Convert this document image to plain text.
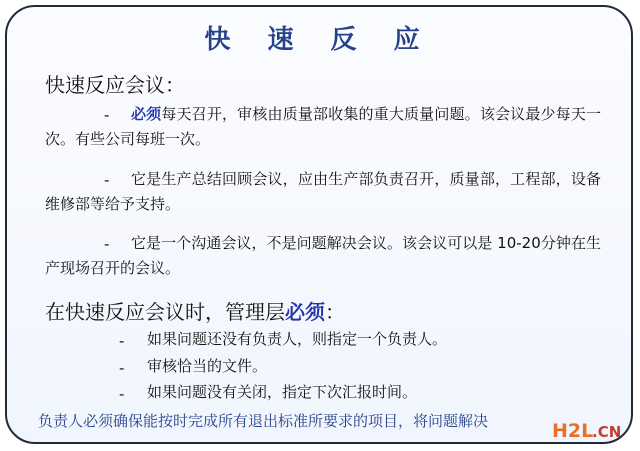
快 速 反 应
快速反应会议：
-	必须每天召开，审核由质量部收集的重大质量问题。该会议最少每天一次。有些公司每班一次。
-	它是生产总结回顾会议，应由生产部负责召开，质量部，工程部，设备维修部等给予支持。
-	它是一个沟通会议，不是问题解决会议。该会议可以是 10-20分钟在生产现场召开的会议。
在快速反应会议时，管理层必须：
- 如果问题还没有负责人，则指定一个负责人。
- 审核恰当的文件。
- 如果问题没有关闭，指定下次汇报时间。
负责人必须确保能按时完成所有退出标准所要求的项目，将问题解决	H2L
.CN
